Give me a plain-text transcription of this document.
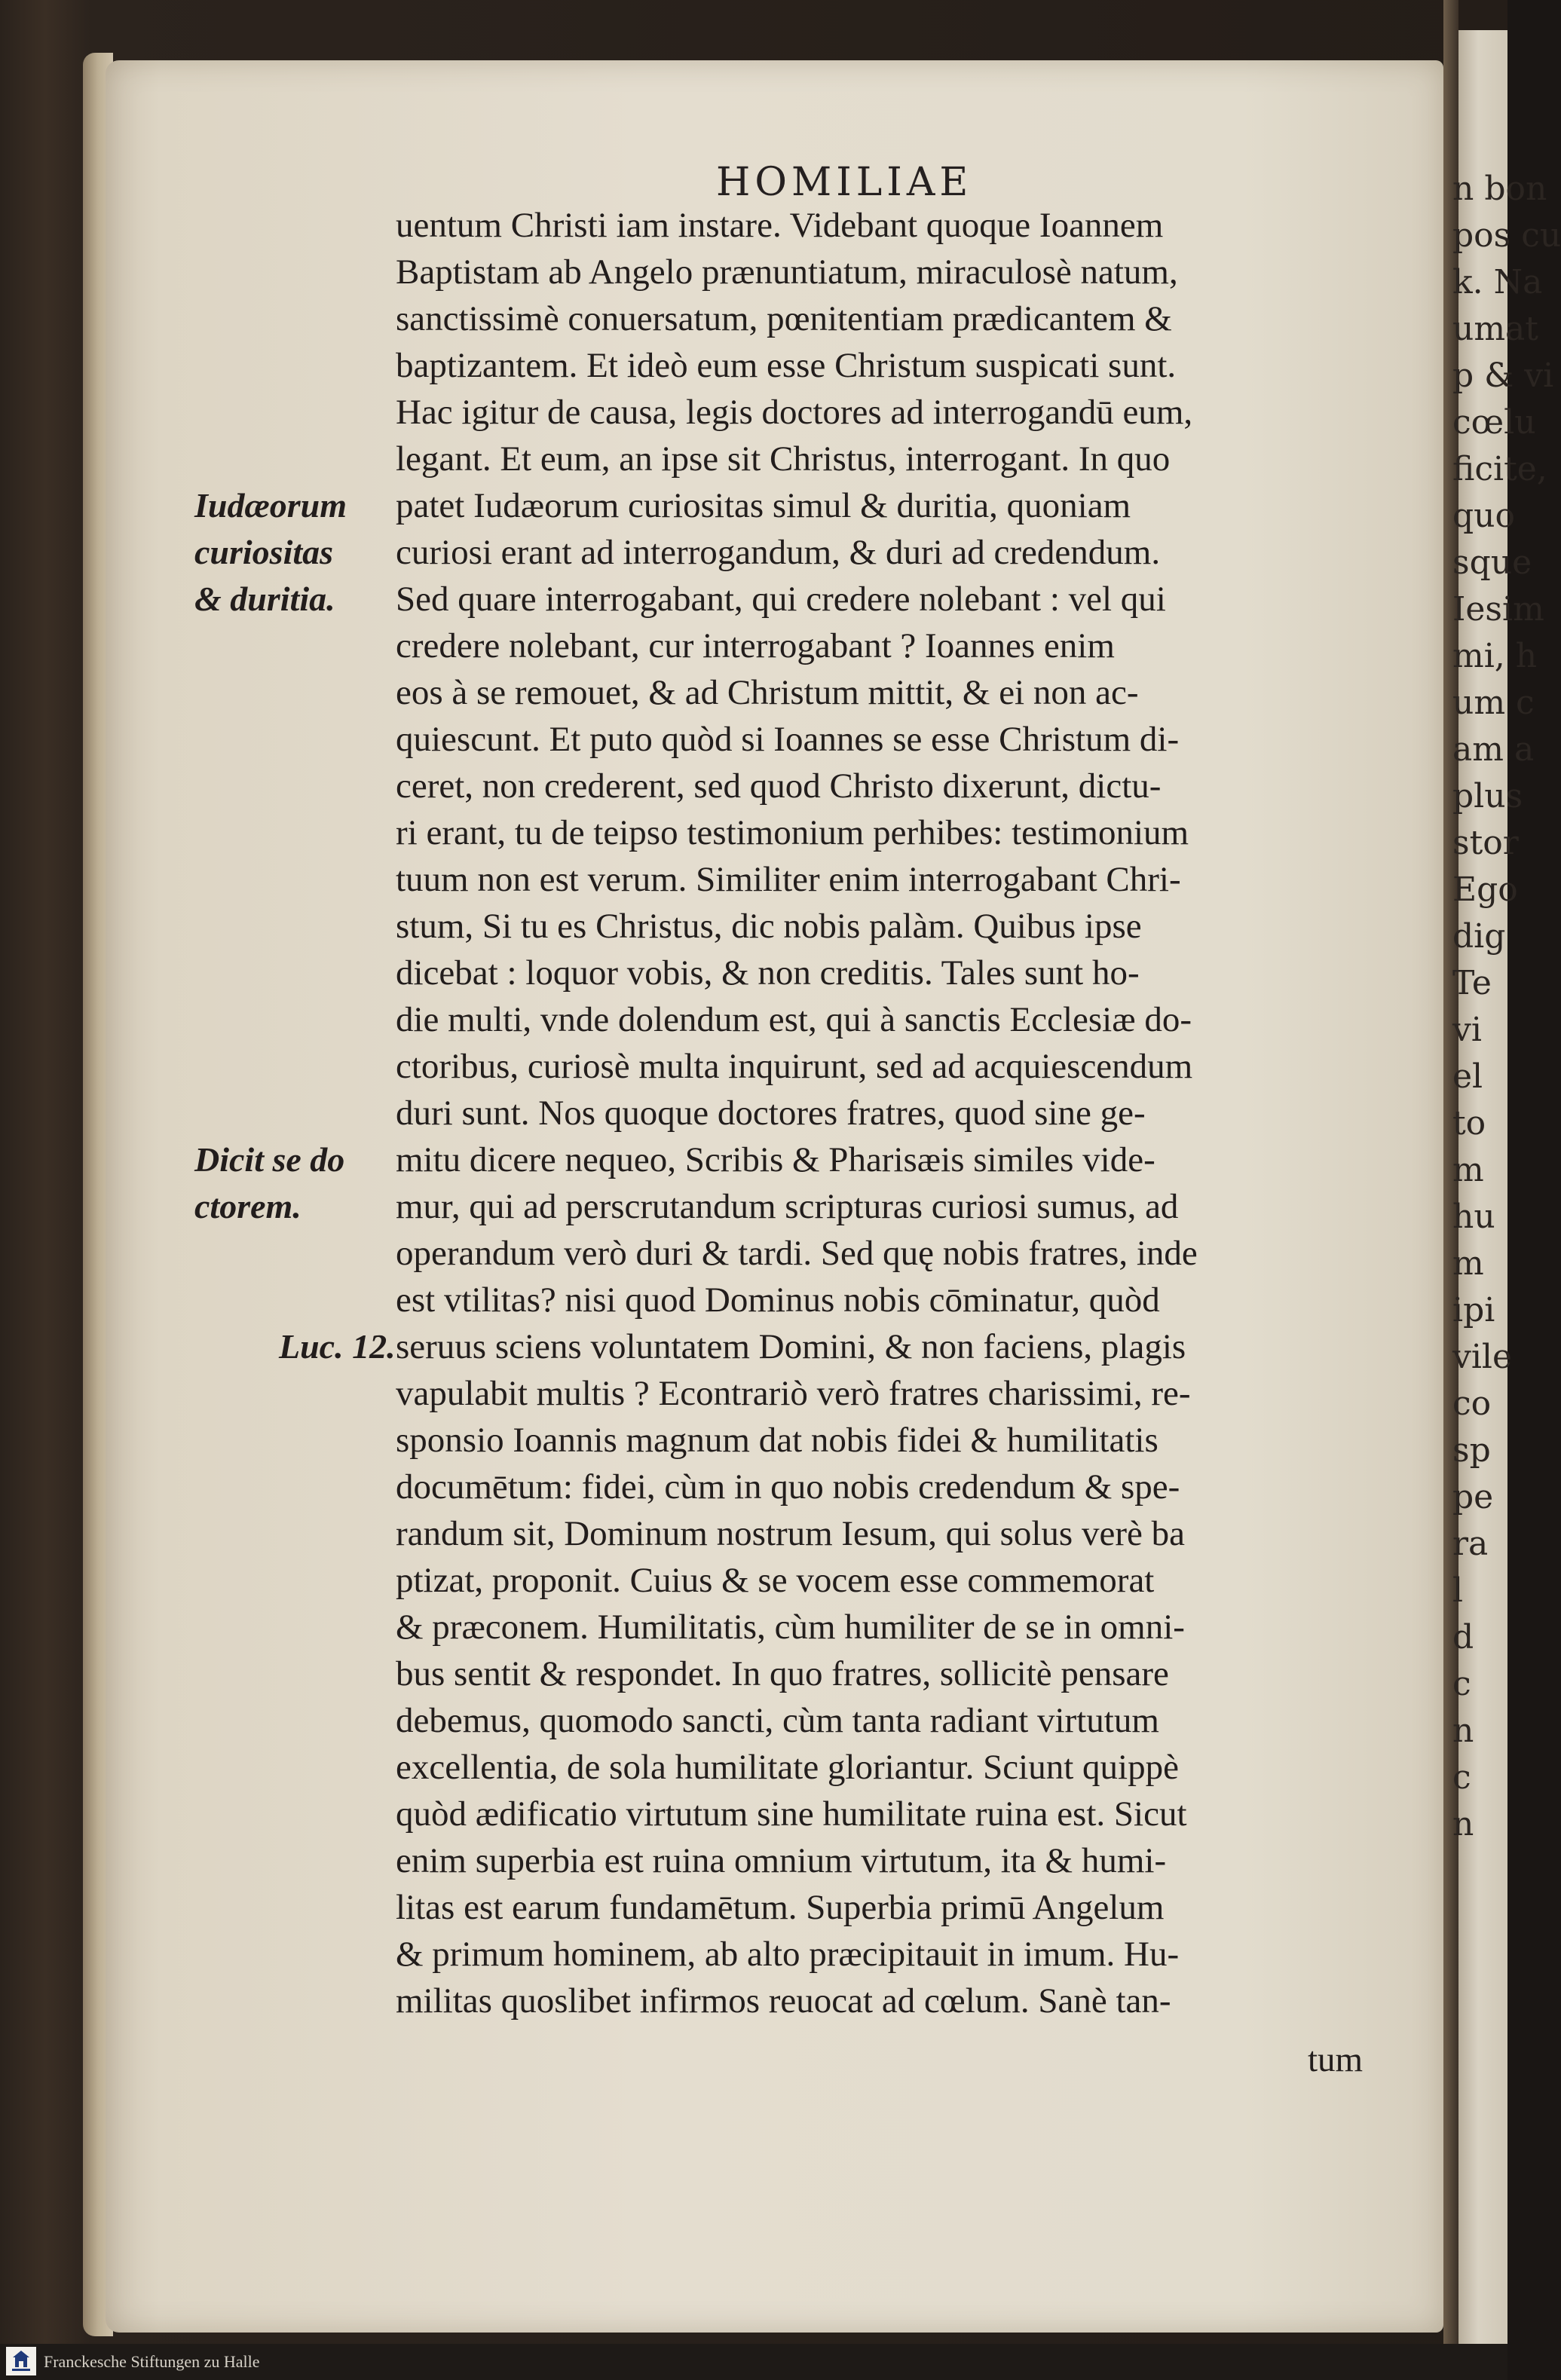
n bon
pos cu
k. Na
umat
p & vi
cœlu
ficite,
quo
sque
Iesim
mi, h
um c
am a
plus
stor
Ego
dig
Te
vi
el
to
m
hu
m
ipi
vile
co
sp
pe
ra
l
d
c
n
c
n
HOMILIAE

Iudæorum
curiositas
& duritia.

Dicit se do
ctorem.

Luc. 12.

uentum Christi iam instare. Videbant quoque Ioannem
Baptistam ab Angelo prænuntiatum, miraculosè natum,
sanctissimè conuersatum, pœnitentiam prædicantem &
baptizantem. Et ideò eum esse Christum suspicati sunt.
Hac igitur de causa, legis doctores ad interrogandū eum,
legant. Et eum, an ipse sit Christus, interrogant. In quo
patet Iudæorum curiositas simul & duritia, quoniam
curiosi erant ad interrogandum, & duri ad credendum.
Sed quare interrogabant, qui credere nolebant : vel qui
credere nolebant, cur interrogabant ? Ioannes enim
eos à se remouet, & ad Christum mittit, & ei non ac-
quiescunt. Et puto quòd si Ioannes se esse Christum di-
ceret, non crederent, sed quod Christo dixerunt, dictu-
ri erant, tu de teipso testimonium perhibes: testimonium
tuum non est verum. Similiter enim interrogabant Chri-
stum, Si tu es Christus, dic nobis palàm. Quibus ipse
dicebat : loquor vobis, & non creditis. Tales sunt ho-
die multi, vnde dolendum est, qui à sanctis Ecclesiæ do-
ctoribus, curiosè multa inquirunt, sed ad acquiescendum
duri sunt. Nos quoque doctores fratres, quod sine ge-
mitu dicere nequeo, Scribis & Pharisæis similes vide-
mur, qui ad perscrutandum scripturas curiosi sumus, ad
operandum verò duri & tardi. Sed quę nobis fratres, inde
est vtilitas? nisi quod Dominus nobis cōminatur, quòd
seruus sciens voluntatem Domini, & non faciens, plagis
vapulabit multis ? Econtrariò verò fratres charissimi, re-
sponsio Ioannis magnum dat nobis fidei & humilitatis
documētum: fidei, cùm in quo nobis credendum & spe-
randum sit, Dominum nostrum Iesum, qui solus verè ba
ptizat, proponit. Cuius & se vocem esse commemorat
& præconem. Humilitatis, cùm humiliter de se in omni-
bus sentit & respondet. In quo fratres, sollicitè pensare
debemus, quomodo sancti, cùm tanta radiant virtutum
excellentia, de sola humilitate gloriantur. Sciunt quippè
quòd ædificatio virtutum sine humilitate ruina est. Sicut
enim superbia est ruina omnium virtutum, ita & humi-
litas est earum fundamētum. Superbia primū Angelum
& primum hominem, ab alto præcipitauit in imum. Hu-
militas quoslibet infirmos reuocat ad cœlum. Sanè tan-
tum
Franckesche Stiftungen zu Halle
